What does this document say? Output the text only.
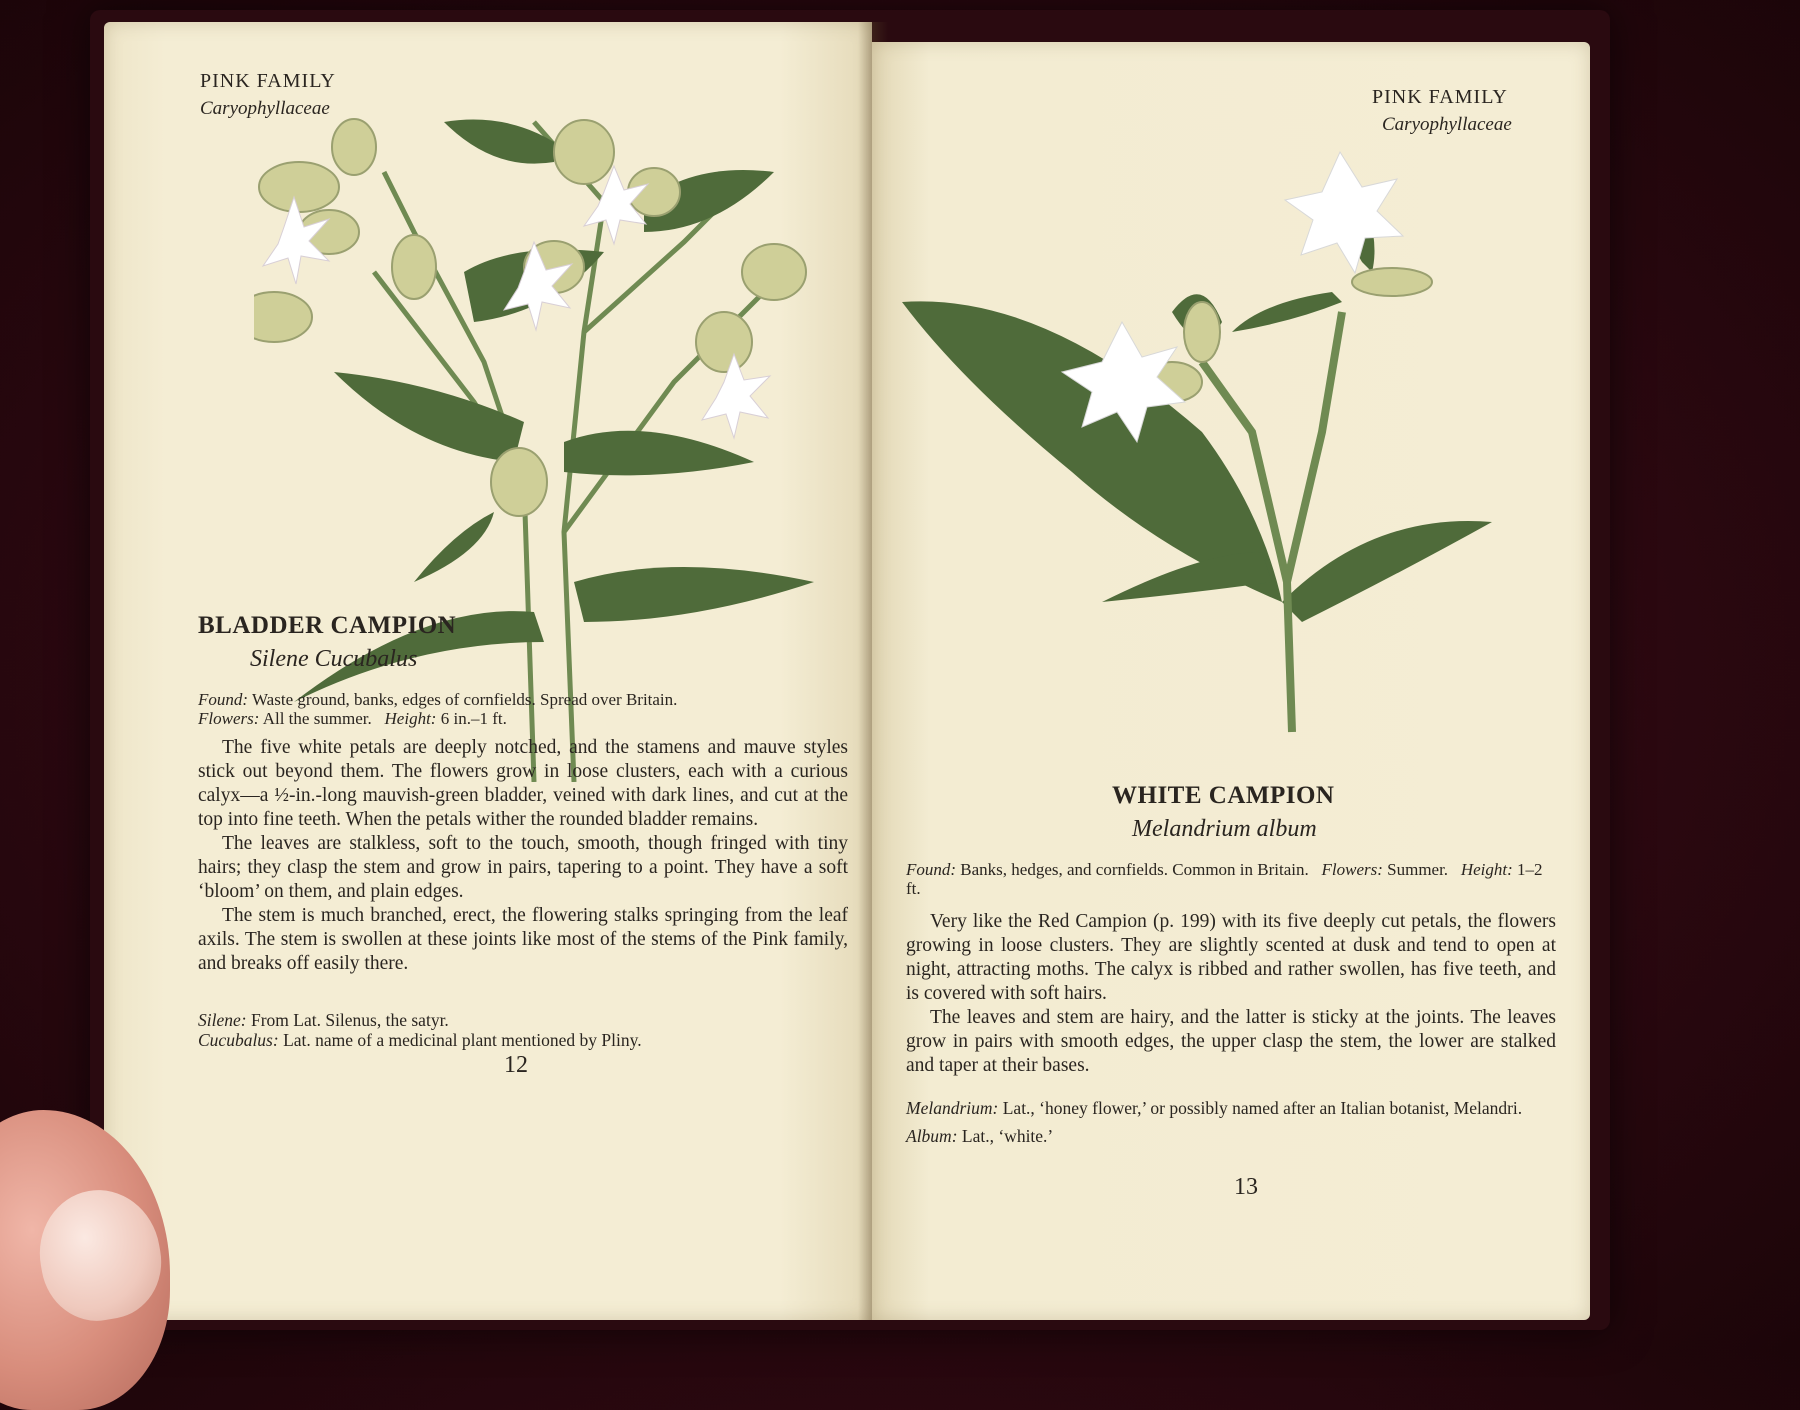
PINK FAMILY
Caryophyllaceae
BLADDER CAMPION
Silene Cucubalus
Found: Waste ground, banks, edges of cornfields. Spread over Britain.
Flowers: All the summer. Height: 6 in.–1 ft.

The five white petals are deeply notched, and the stamens and mauve styles stick out beyond them. The flowers grow in loose clusters, each with a curious calyx—a ½-in.-long mauvish-green bladder, veined with dark lines, and cut at the top into fine teeth. When the petals wither the rounded bladder remains.

The leaves are stalkless, soft to the touch, smooth, though fringed with tiny hairs; they clasp the stem and grow in pairs, tapering to a point. They have a soft ‘bloom’ on them, and plain edges.

The stem is much branched, erect, the flowering stalks springing from the leaf axils. The stem is swollen at these joints like most of the stems of the Pink family, and breaks off easily there.

Silene: From Lat. Silenus, the satyr.

Cucubalus: Lat. name of a medicinal plant mentioned by Pliny.

12
PINK FAMILY
Caryophyllaceae
WHITE CAMPION
Melandrium album
Found: Banks, hedges, and cornfields. Common in Britain. Flowers: Summer. Height: 1–2 ft.

Very like the Red Campion (p. 199) with its five deeply cut petals, the flowers growing in loose clusters. They are slightly scented at dusk and tend to open at night, attracting moths. The calyx is ribbed and rather swollen, has five teeth, and is covered with soft hairs.

The leaves and stem are hairy, and the latter is sticky at the joints. The leaves grow in pairs with smooth edges, the upper clasp the stem, the lower are stalked and taper at their bases.

Melandrium: Lat., ‘honey flower,’ or possibly named after an Italian botanist, Melandri.

Album: Lat., ‘white.’

13
